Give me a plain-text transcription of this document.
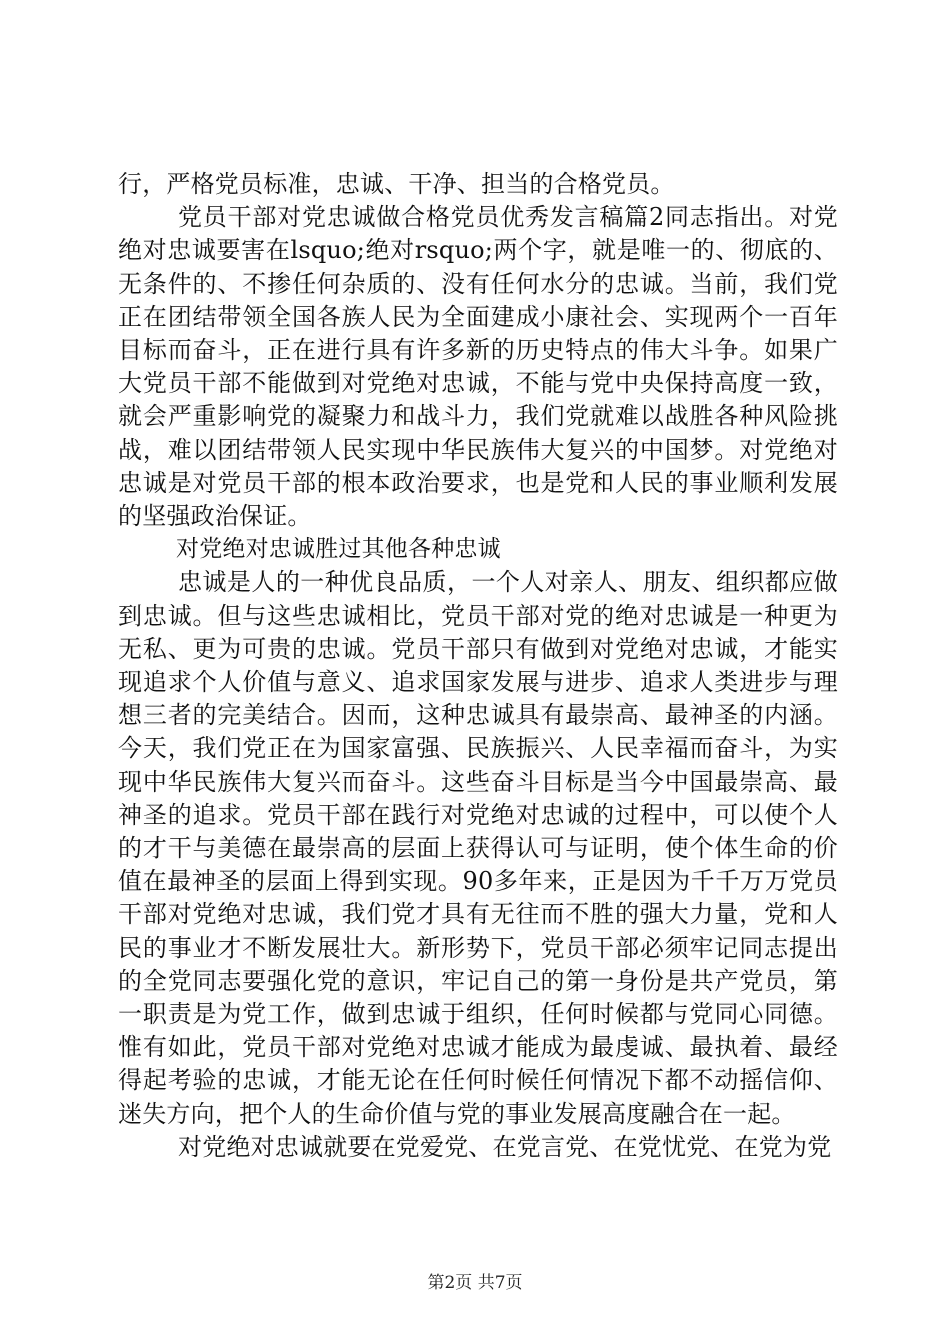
行，严格党员标准，忠诚、干净、担当的合格党员。

党员干部对党忠诚做合格党员优秀发言稿篇2同志指出。对党绝对忠诚要害在lsquo;绝对rsquo;两个字，就是唯一的、彻底的、无条件的、不掺任何杂质的、没有任何水分的忠诚。当前，我们党正在团结带领全国各族人民为全面建成小康社会、实现两个一百年目标而奋斗，正在进行具有许多新的历史特点的伟大斗争。如果广大党员干部不能做到对党绝对忠诚，不能与党中央保持高度一致，就会严重影响党的凝聚力和战斗力，我们党就难以战胜各种风险挑战，难以团结带领人民实现中华民族伟大复兴的中国梦。对党绝对忠诚是对党员干部的根本政治要求，也是党和人民的事业顺利发展的坚强政治保证。

对党绝对忠诚胜过其他各种忠诚

忠诚是人的一种优良品质，一个人对亲人、朋友、组织都应做到忠诚。但与这些忠诚相比，党员干部对党的绝对忠诚是一种更为无私、更为可贵的忠诚。党员干部只有做到对党绝对忠诚，才能实现追求个人价值与意义、追求国家发展与进步、追求人类进步与理想三者的完美结合。因而，这种忠诚具有最崇高、最神圣的内涵。今天，我们党正在为国家富强、民族振兴、人民幸福而奋斗，为实现中华民族伟大复兴而奋斗。这些奋斗目标是当今中国最崇高、最神圣的追求。党员干部在践行对党绝对忠诚的过程中，可以使个人的才干与美德在最崇高的层面上获得认可与证明，使个体生命的价值在最神圣的层面上得到实现。90多年来，正是因为千千万万党员干部对党绝对忠诚，我们党才具有无往而不胜的强大力量，党和人民的事业才不断发展壮大。新形势下，党员干部必须牢记同志提出的全党同志要强化党的意识，牢记自己的第一身份是共产党员，第一职责是为党工作，做到忠诚于组织，任何时候都与党同心同德。惟有如此，党员干部对党绝对忠诚才能成为最虔诚、最执着、最经得起考验的忠诚，才能无论在任何时候任何情况下都不动摇信仰、迷失方向，把个人的生命价值与党的事业发展高度融合在一起。

对党绝对忠诚就要在党爱党、在党言党、在党忧党、在党为党

第2页 共7页
